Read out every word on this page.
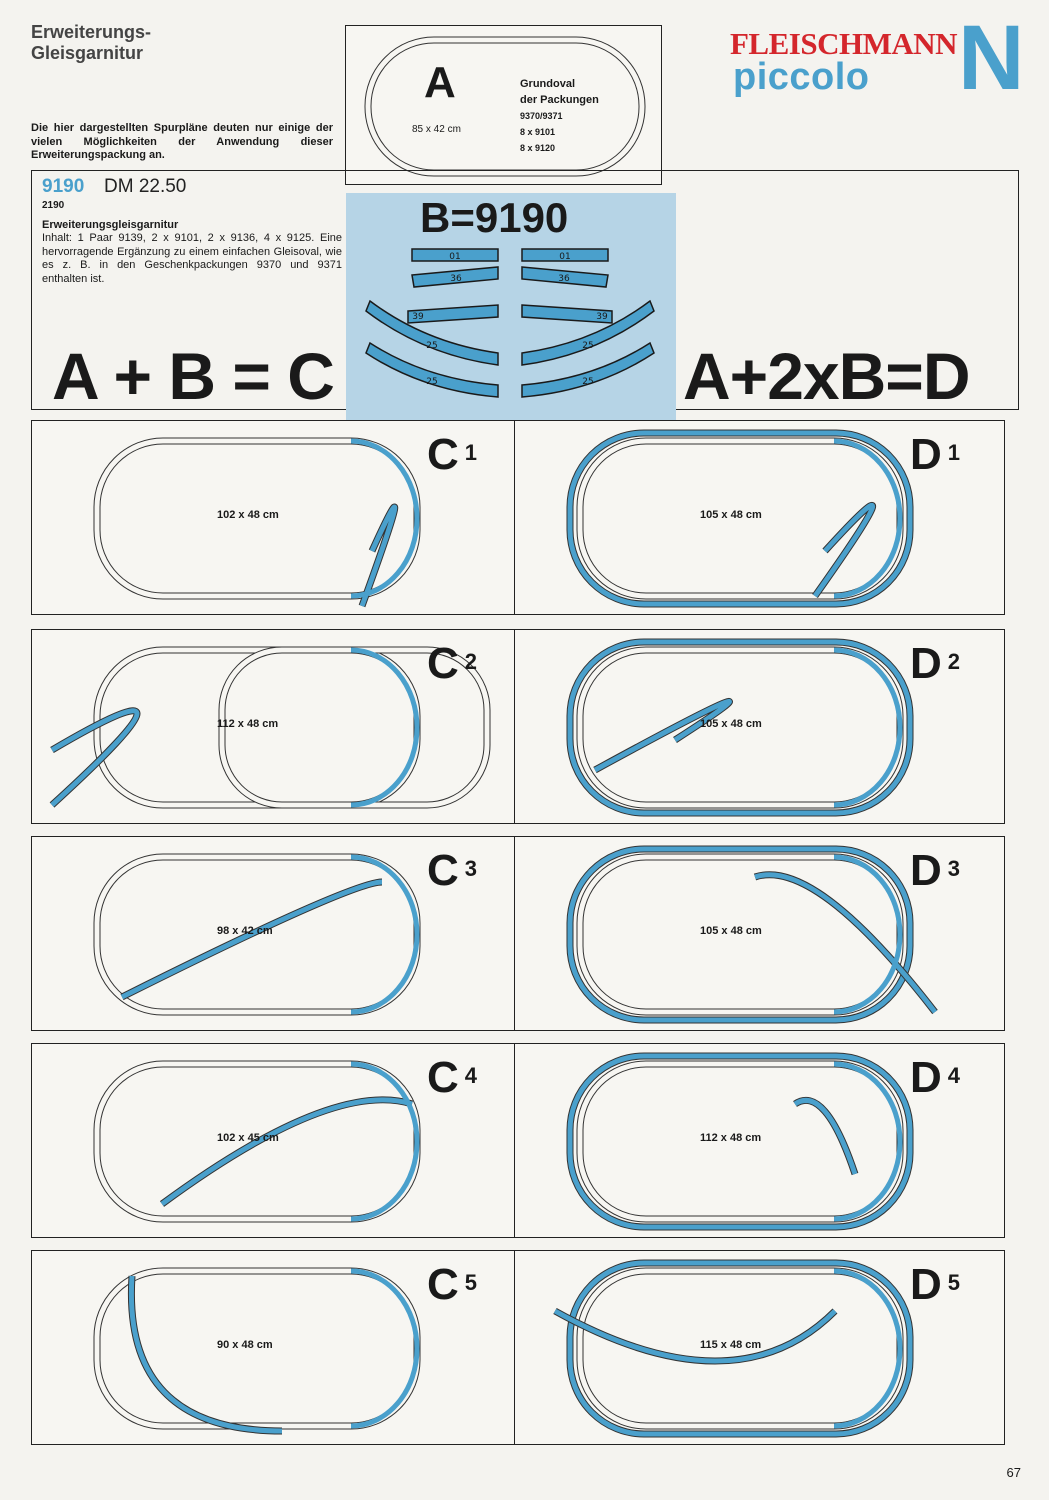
Erweiterungs-
Gleisgarnitur
Die hier dargestellten Spurpläne deuten nur einige der vielen Möglichkeiten der Anwendung dieser Erweiterungspackung an.
FLEISCHMANN
piccolo N
A
85 x 42 cm
Grundoval
der Packungen
9370/9371
8 x 9101
8 x 9120
9190 DM 22.50
2190
Erweiterungsgleisgarnitur
Inhalt: 1 Paar 9139, 2 x 9101, 2 x 9136, 4 x 9125. Eine hervorragende Ergänzung zu einem einfachen Gleisoval, wie es z. B. in den Geschenkpackungen 9370 und 9371 enthalten ist.
A + B = C	A+2xB=D
B=9190
01
36
39
25
25
01
36
39
25
25
C $^1$
102 x 48 cm
D $^1$
105 x 48 cm
C $^2$
112 x 48 cm
D $^2$
105 x 48 cm
C $^3$
98 x 42 cm
D $^3$
105 x 48 cm
C $^4$
102 x 45 cm
D $^4$
112 x 48 cm
C $^5$
90 x 48 cm
D $^5$
115 x 48 cm
67
